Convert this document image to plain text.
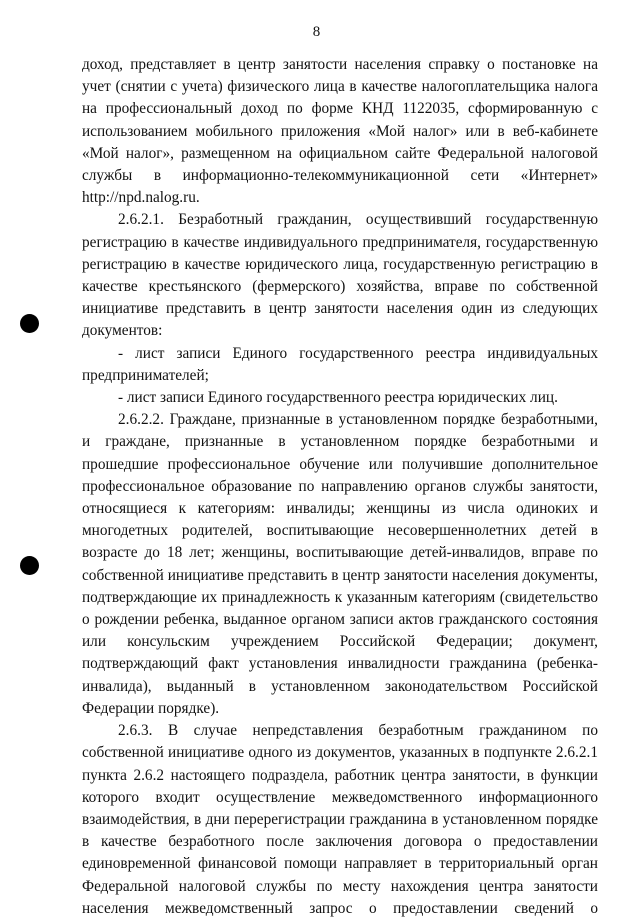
8

доход, представляет в центр занятости населения справку о постановке на учет (снятии с учета) физического лица в качестве налогоплательщика налога на профессиональный доход по форме КНД 1122035, сформированную с использованием мобильного приложения «Мой налог» или в веб-кабинете «Мой налог», размещенном на официальном сайте Федеральной налоговой службы в информационно-телекоммуникационной сети «Интернет» http://npd.nalog.ru.

2.6.2.1. Безработный гражданин, осуществивший государственную регистрацию в качестве индивидуального предпринимателя, государственную регистрацию в качестве юридического лица, государственную регистрацию в качестве крестьянского (фермерского) хозяйства, вправе по собственной инициативе представить в центр занятости населения один из следующих документов:

- лист записи Единого государственного реестра индивидуальных предпринимателей;

- лист записи Единого государственного реестра юридических лиц.

2.6.2.2. Граждане, признанные в установленном порядке безработными, и граждане, признанные в установленном порядке безработными и прошедшие профессиональное обучение или получившие дополнительное профессиональное образование по направлению органов службы занятости, относящиеся к категориям: инвалиды; женщины из числа одиноких и многодетных родителей, воспитывающие несовершеннолетних детей в возрасте до 18 лет; женщины, воспитывающие детей-инвалидов, вправе по собственной инициативе представить в центр занятости населения документы, подтверждающие их принадлежность к указанным категориям (свидетельство о рождении ребенка, выданное органом записи актов гражданского состояния или консульским учреждением Российской Федерации; документ, подтверждающий факт установления инвалидности гражданина (ребенка-инвалида), выданный в установленном законодательством Российской Федерации порядке).

2.6.3. В случае непредставления безработным гражданином по собственной инициативе одного из документов, указанных в подпункте 2.6.2.1 пункта 2.6.2 настоящего подраздела, работник центра занятости, в функции которого входит осуществление межведомственного информационного взаимодействия, в дни перерегистрации гражданина в установленном порядке в качестве безработного после заключения договора о предоставлении единовременной финансовой помощи направляет в территориальный орган Федеральной налоговой службы по месту нахождения центра занятости населения межведомственный запрос о предоставлении сведений о
